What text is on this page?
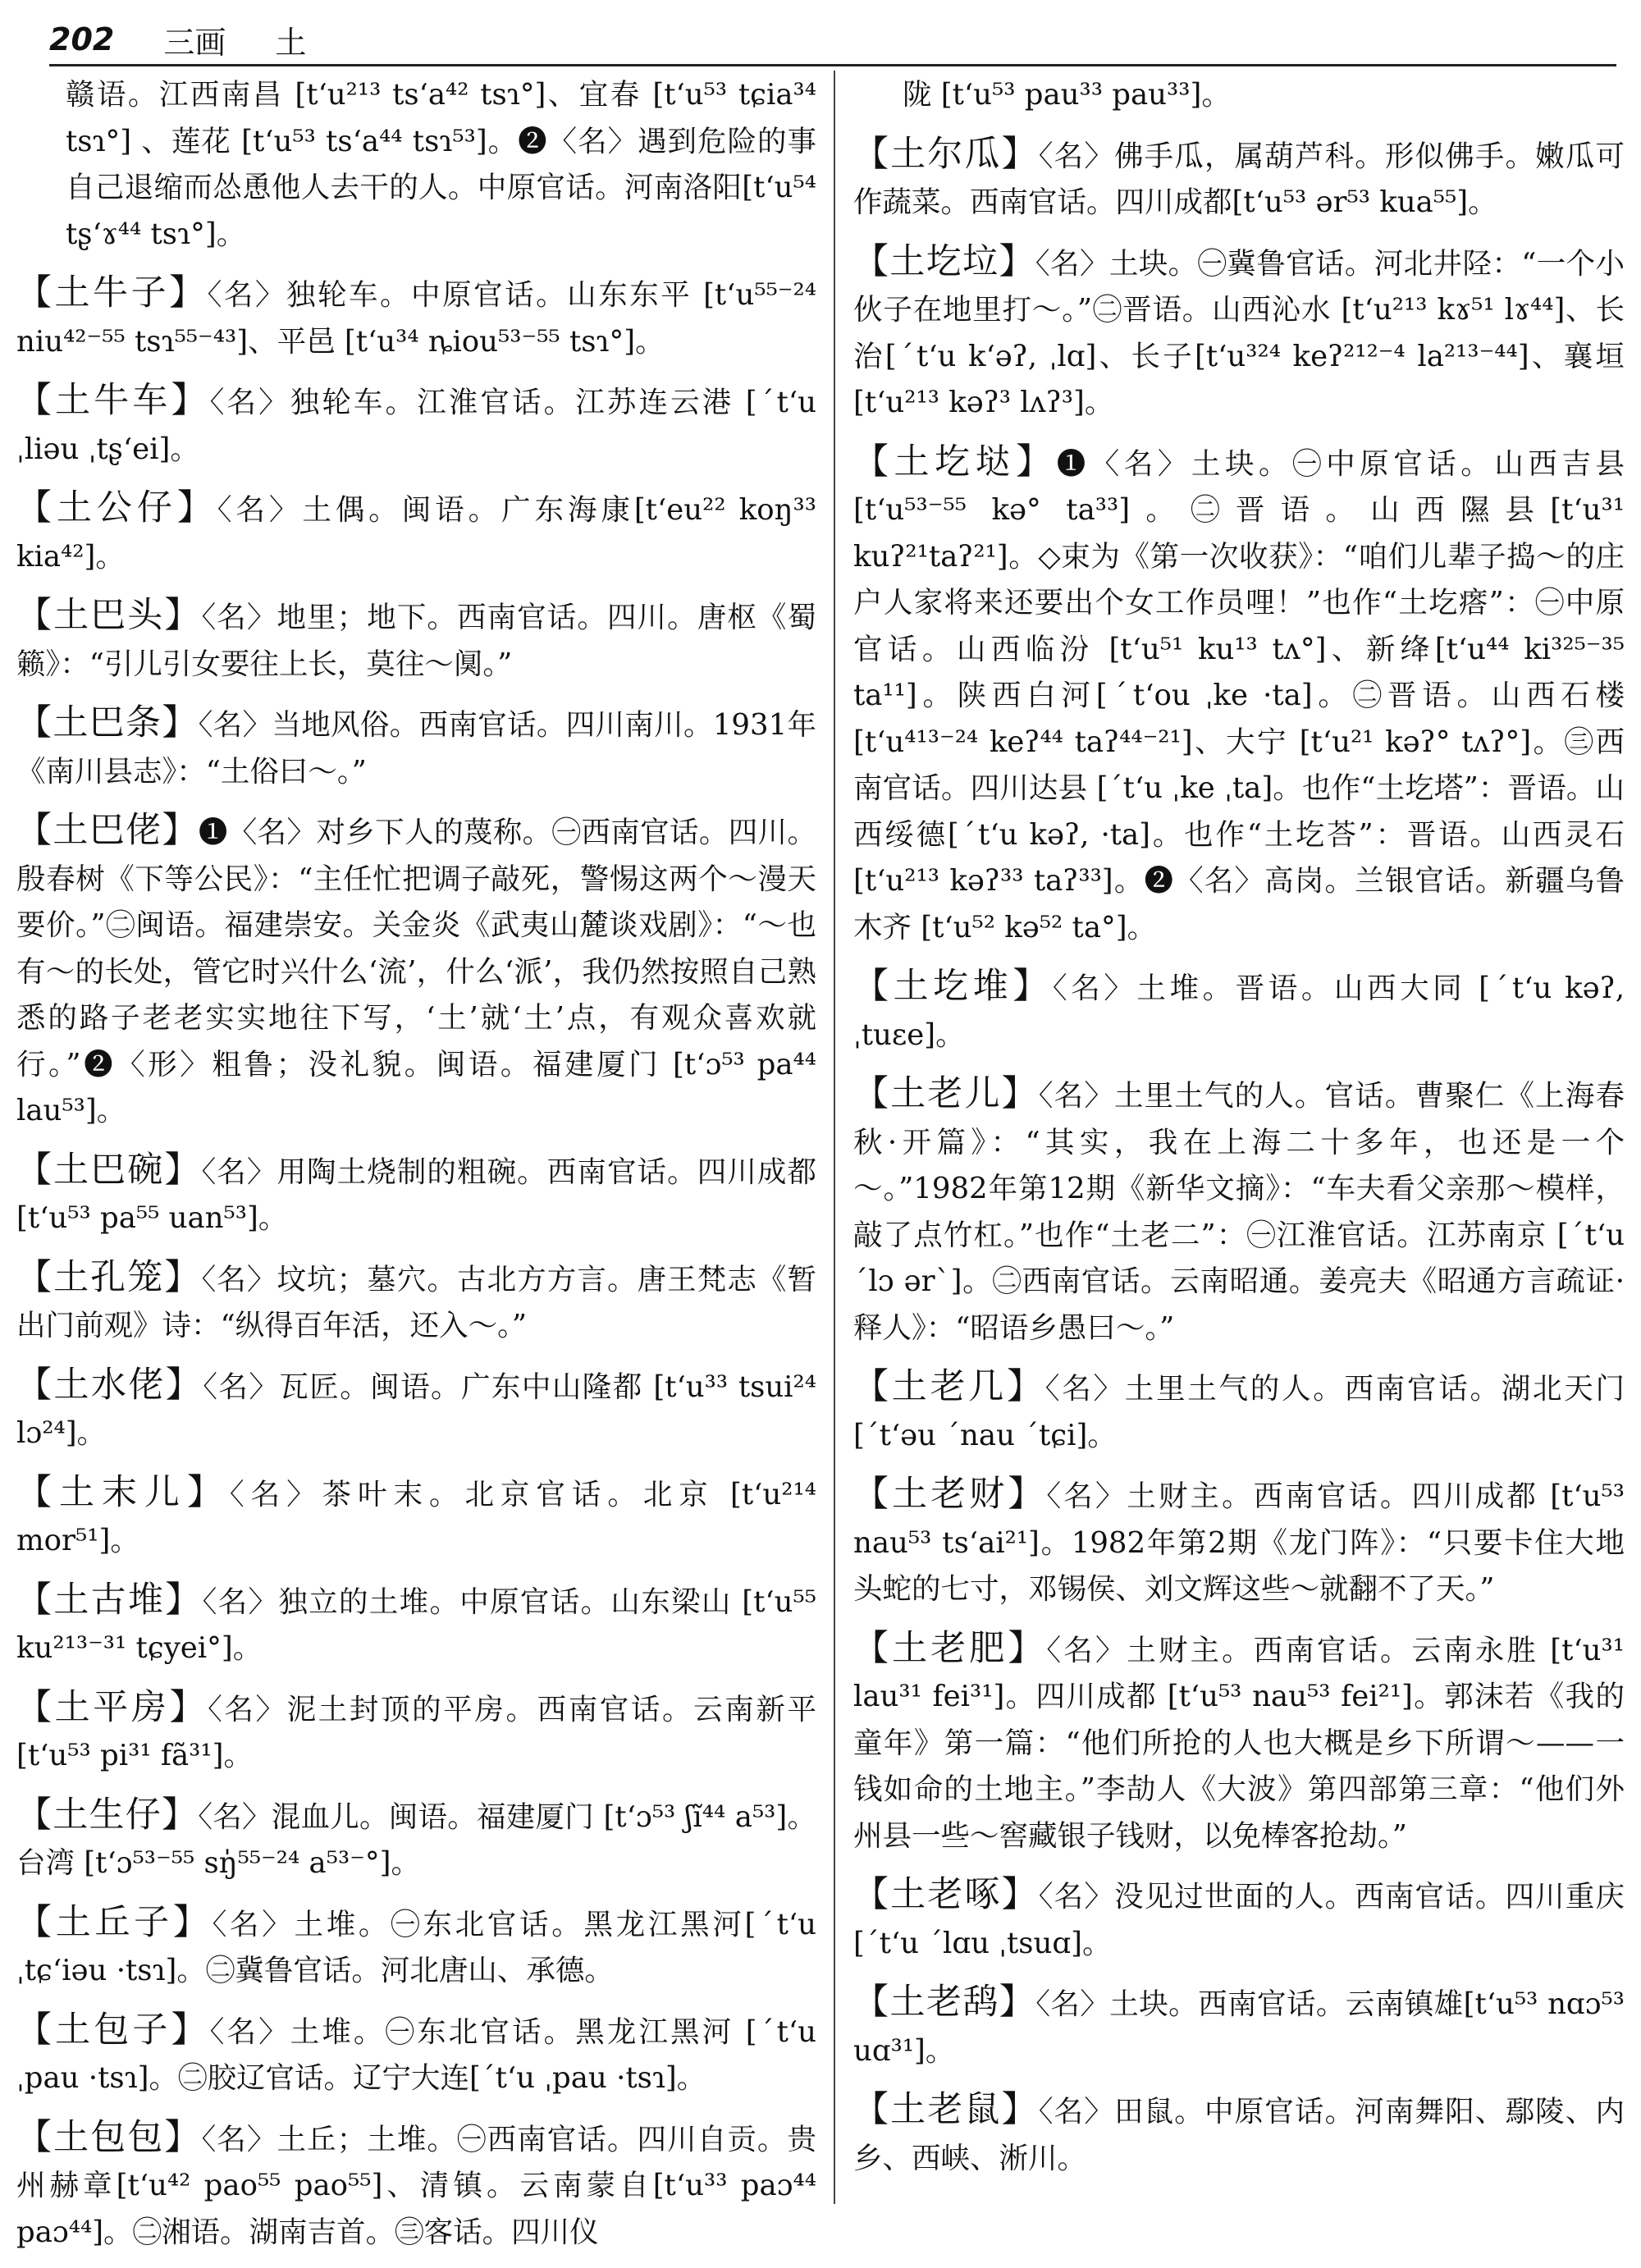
202 三画 土
赣语。江西南昌 [tʻu²¹³ tsʻa⁴² tsɿ°]、宜春 [tʻu⁵³ tɕia³⁴ tsɿ°] 、莲花 [tʻu⁵³ tsʻa⁴⁴ tsɿ⁵³]。❷〈名〉遇到危险的事自己退缩而怂恿他人去干的人。中原官话。河南洛阳[tʻu⁵⁴ tʂʻɤ⁴⁴ tsɿ°]。
【土牛子】〈名〉独轮车。中原官话。山东东平 [tʻu⁵⁵⁻²⁴ niu⁴²⁻⁵⁵ tsɿ⁵⁵⁻⁴³]、平邑 [tʻu³⁴ ȵiou⁵³⁻⁵⁵ tsɿ°]。
【土牛车】〈名〉独轮车。江淮官话。江苏连云港 [ˊtʻu ˌliəu ˌtʂʻei]。
【土公仔】〈名〉土偶。闽语。广东海康[tʻeu²² koŋ³³ kia⁴²]。
【土巴头】〈名〉地里；地下。西南官话。四川。唐枢《蜀籁》：“引儿引女要往上长，莫往～阒。”
【土巴条】〈名〉当地风俗。西南官话。四川南川。1931年《南川县志》：“土俗曰～。”
【土巴佬】❶〈名〉对乡下人的蔑称。㊀西南官话。四川。殷春树《下等公民》：“主任忙把调子敲死，警惕这两个～漫天要价。”㊁闽语。福建崇安。关金炎《武夷山麓谈戏剧》：“～也有～的长处，管它时兴什么‘流’，什么‘派’，我仍然按照自己熟悉的路子老老实实地往下写，‘土’就‘土’点，有观众喜欢就行。”❷〈形〉粗鲁；没礼貌。闽语。福建厦门 [tʻɔ⁵³ pa⁴⁴ lau⁵³]。
【土巴碗】〈名〉用陶土烧制的粗碗。西南官话。四川成都 [tʻu⁵³ pa⁵⁵ uan⁵³]。
【土孔笼】〈名〉坟坑；墓穴。古北方方言。唐王梵志《暂出门前观》诗：“纵得百年活，还入～。”
【土水佬】〈名〉瓦匠。闽语。广东中山隆都 [tʻu³³ tsui²⁴ lɔ²⁴]。
【土末儿】〈名〉茶叶末。北京官话。北京 [tʻu²¹⁴ mor⁵¹]。
【土古堆】〈名〉独立的土堆。中原官话。山东梁山 [tʻu⁵⁵ ku²¹³⁻³¹ tɕyei°]。
【土平房】〈名〉泥土封顶的平房。西南官话。云南新平 [tʻu⁵³ pi³¹ fã³¹]。
【土生仔】〈名〉混血儿。闽语。福建厦门 [tʻɔ⁵³ ʃĩ⁴⁴ a⁵³]。台湾 [tʻɔ⁵³⁻⁵⁵ sŋ̍⁵⁵⁻²⁴ a⁵³⁻°]。
【土丘子】〈名〉土堆。㊀东北官话。黑龙江黑河[ˊtʻu ˌtɕʻiəu ·tsɿ]。㊁冀鲁官话。河北唐山、承德。
【土包子】〈名〉土堆。㊀东北官话。黑龙江黑河 [ˊtʻu ˌpau ·tsɿ]。㊁胶辽官话。辽宁大连[ˊtʻu ˌpau ·tsɿ]。
【土包包】〈名〉土丘；土堆。㊀西南官话。四川自贡。贵州赫章[tʻu⁴² pao⁵⁵ pao⁵⁵]、清镇。云南蒙自[tʻu³³ paɔ⁴⁴ paɔ⁴⁴]。㊁湘语。湖南吉首。㊂客话。四川仪
陇 [tʻu⁵³ pau³³ pau³³]。
【土尔瓜】〈名〉佛手瓜，属葫芦科。形似佛手。嫩瓜可作蔬菜。西南官话。四川成都[tʻu⁵³ ər⁵³ kua⁵⁵]。
【土圪垃】〈名〉土块。㊀冀鲁官话。河北井陉：“一个小伙子在地里打～。”㊁晋语。山西沁水 [tʻu²¹³ kɤ⁵¹ lɤ⁴⁴]、长治[ˊtʻu kʻəʔ, ˌlɑ]、长子[tʻu³²⁴ keʔ²¹²⁻⁴ la²¹³⁻⁴⁴]、襄垣 [tʻu²¹³ kəʔ³ lʌʔ³]。
【土圪垯】❶〈名〉土块。㊀中原官话。山西吉县[tʻu⁵³⁻⁵⁵ kə° ta³³]。㊁晋语。山西隰县[tʻu³¹ kuʔ²¹taʔ²¹]。◇束为《第一次收获》：“咱们儿辈子捣～的庄户人家将来还要出个女工作员哩！”也作“土圪瘩”：㊀中原官话。山西临汾 [tʻu⁵¹ ku¹³ tʌ°]、新绛[tʻu⁴⁴ ki³²⁵⁻³⁵ ta¹¹]。陕西白河[ˊtʻou ˌke ·ta]。㊁晋语。山西石楼[tʻu⁴¹³⁻²⁴ keʔ⁴⁴ taʔ⁴⁴⁻²¹]、大宁 [tʻu²¹ kəʔ° tʌʔ°]。㊂西南官话。四川达县 [ˊtʻu ˌke ˌta]。也作“土圪塔”：晋语。山西绥德[ˊtʻu kəʔ, ·ta]。也作“土圪荅”：晋语。山西灵石 [tʻu²¹³ kəʔ³³ taʔ³³]。❷〈名〉高岗。兰银官话。新疆乌鲁木齐 [tʻu⁵² kə⁵² ta°]。
【土圪堆】〈名〉土堆。晋语。山西大同 [ˊtʻu kəʔ, ˌtuɛe]。
【土老儿】〈名〉土里土气的人。官话。曹聚仁《上海春秋·开篇》：“其实，我在上海二十多年，也还是一个～。”1982年第12期《新华文摘》：“车夫看父亲那～模样，敲了点竹杠。”也作“土老二”：㊀江淮官话。江苏南京 [ˊtʻu ˊlɔ ərˋ]。㊁西南官话。云南昭通。姜亮夫《昭通方言疏证·释人》：“昭语乡愚曰～。”
【土老几】〈名〉土里土气的人。西南官话。湖北天门 [ˊtʻəu ˊnau ˊtɕi]。
【土老财】〈名〉土财主。西南官话。四川成都 [tʻu⁵³ nau⁵³ tsʻai²¹]。1982年第2期《龙门阵》：“只要卡住大地头蛇的七寸，邓锡侯、刘文辉这些～就翻不了天。”
【土老肥】〈名〉土财主。西南官话。云南永胜 [tʻu³¹ lau³¹ fei³¹]。四川成都 [tʻu⁵³ nau⁵³ fei²¹]。郭沫若《我的童年》第一篇：“他们所抢的人也大概是乡下所谓～——一钱如命的土地主。”李劼人《大波》第四部第三章：“他们外州县一些～窖藏银子钱财，以免棒客抢劫。”
【土老啄】〈名〉没见过世面的人。西南官话。四川重庆 [ˊtʻu ˊlɑu ˌtsuɑ]。
【土老鸹】〈名〉土块。西南官话。云南镇雄[tʻu⁵³ nɑɔ⁵³ uɑ³¹]。
【土老鼠】〈名〉田鼠。中原官话。河南舞阳、鄢陵、内乡、西峡、淅川。
